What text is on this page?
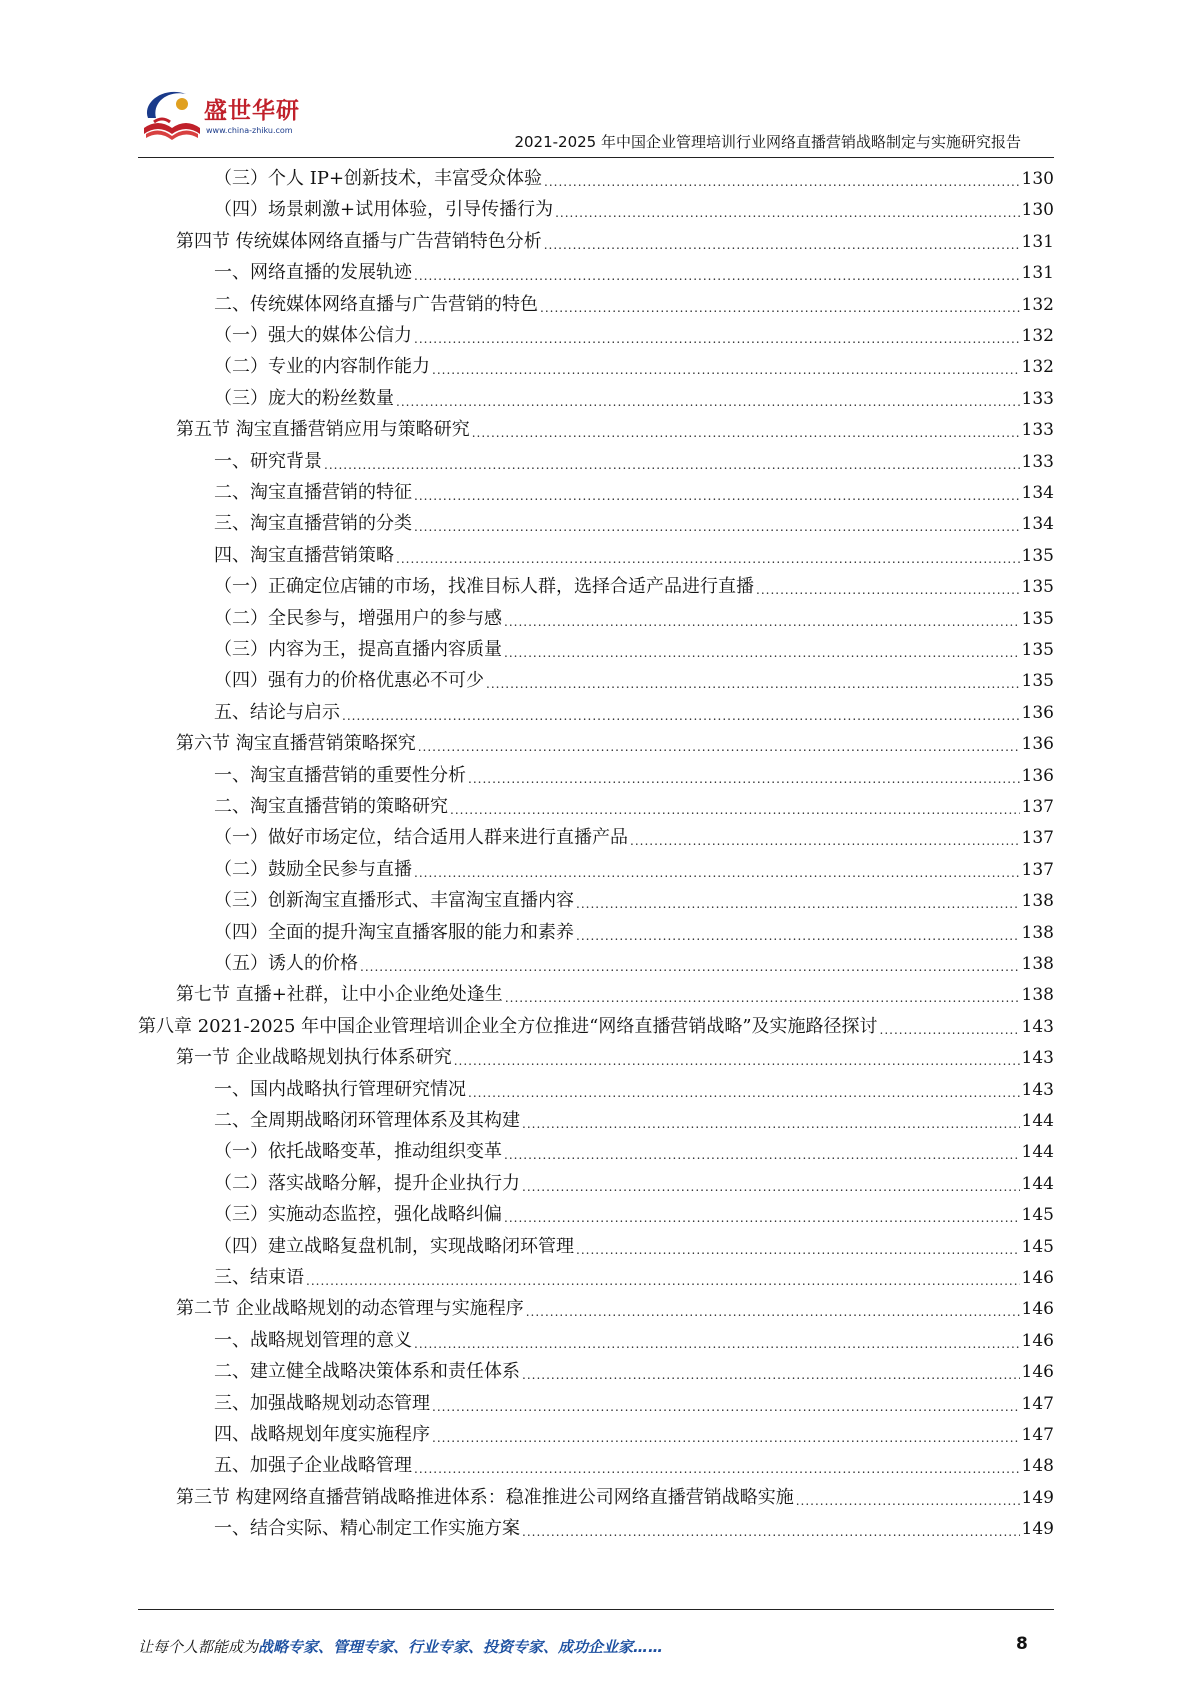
盛世华研
www.china-zhiku.com
2021-2025 年中国企业管理培训行业网络直播营销战略制定与实施研究报告
（三）个人 IP+创新技术，丰富受众体验 .....	130
（四）场景刺激+试用体验，引导传播行为 .....	130
第四节 传统媒体网络直播与广告营销特色分析 .....	131
一、网络直播的发展轨迹 .....	131
二、传统媒体网络直播与广告营销的特色 .....	132
（一）强大的媒体公信力 .....	132
（二）专业的内容制作能力 .....	132
（三）庞大的粉丝数量 .....	133
第五节 淘宝直播营销应用与策略研究 .....	133
一、研究背景 .....	133
二、淘宝直播营销的特征 .....	134
三、淘宝直播营销的分类 .....	134
四、淘宝直播营销策略 .....	135
（一）正确定位店铺的市场，找准目标人群，选择合适产品进行直播 .....	135
（二）全民参与，增强用户的参与感 .....	135
（三）内容为王，提高直播内容质量 .....	135
（四）强有力的价格优惠必不可少 .....	135
五、结论与启示 .....	136
第六节 淘宝直播营销策略探究 .....	136
一、淘宝直播营销的重要性分析 .....	136
二、淘宝直播营销的策略研究 .....	137
（一）做好市场定位，结合适用人群来进行直播产品 .....	137
（二）鼓励全民参与直播 .....	137
（三）创新淘宝直播形式、丰富淘宝直播内容 .....	138
（四）全面的提升淘宝直播客服的能力和素养 .....	138
（五）诱人的价格 .....	138
第七节 直播+社群，让中小企业绝处逢生 .....	138
第八章 2021-2025 年中国企业管理培训企业全方位推进“网络直播营销战略”及实施路径探讨 .....	143
第一节 企业战略规划执行体系研究 .....	143
一、国内战略执行管理研究情况 .....	143
二、全周期战略闭环管理体系及其构建 .....	144
（一）依托战略变革，推动组织变革 .....	144
（二）落实战略分解，提升企业执行力 .....	144
（三）实施动态监控，强化战略纠偏 .....	145
（四）建立战略复盘机制，实现战略闭环管理 .....	145
三、结束语 .....	146
第二节 企业战略规划的动态管理与实施程序 .....	146
一、战略规划管理的意义 .....	146
二、建立健全战略决策体系和责任体系 .....	146
三、加强战略规划动态管理 .....	147
四、战略规划年度实施程序 .....	147
五、加强子企业战略管理 .....	148
第三节 构建网络直播营销战略推进体系：稳准推进公司网络直播营销战略实施 .....	149
一、结合实际、精心制定工作实施方案 .....	149
让每个人都能成为战略专家、管理专家、行业专家、投资专家、成功企业家……	8
